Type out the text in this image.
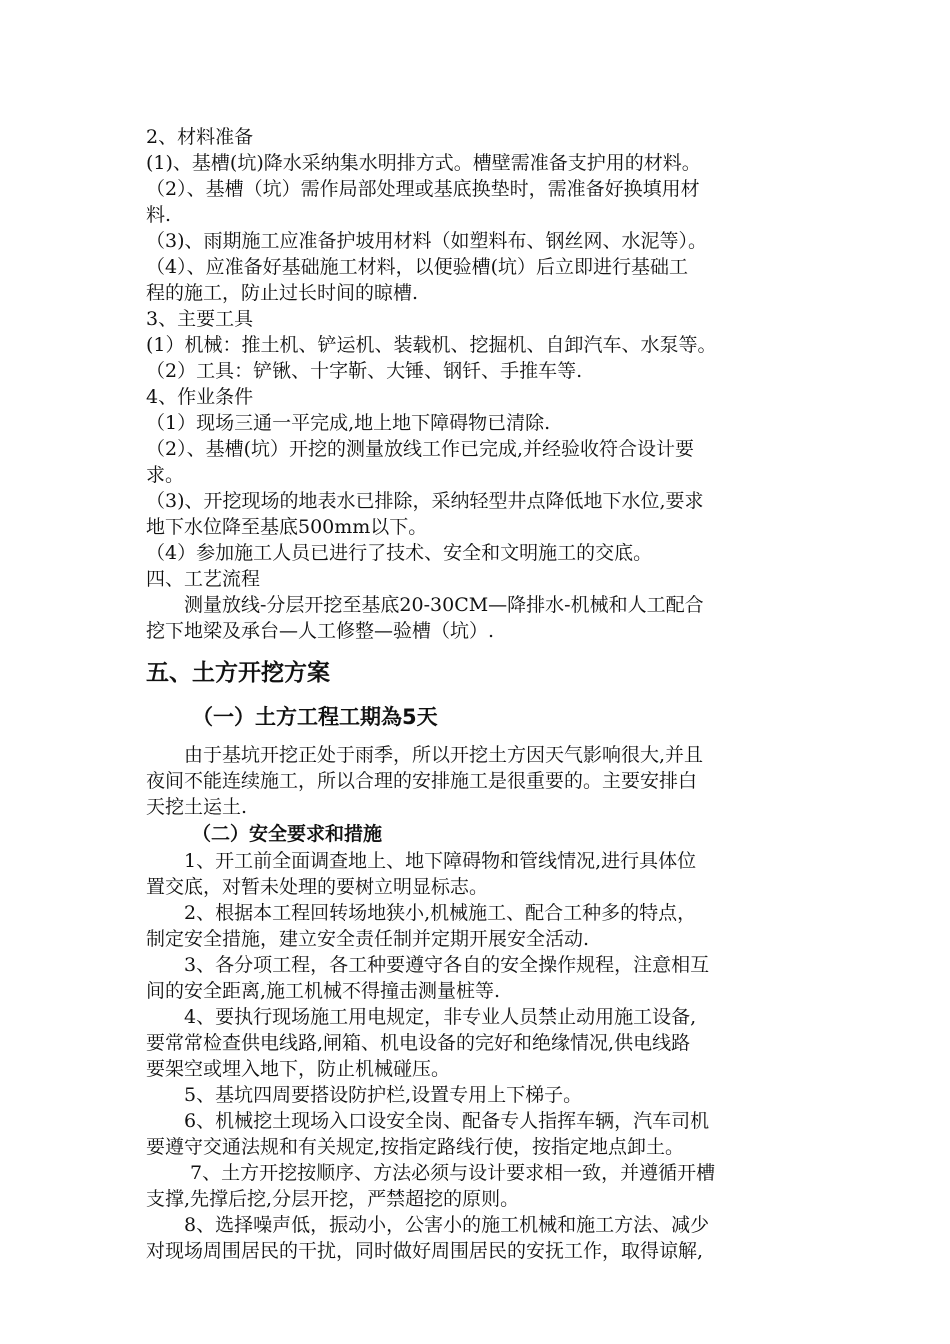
2、材料准备
(1)、基槽(坑)降水采纳集水明排方式。槽壁需准备支护用的材料。
（2）、基槽（坑）需作局部处理或基底换垫时，需准备好换填用材
料.
（3)、雨期施工应准备护坡用材料（如塑料布、钢丝网、水泥等）。
（4）、应准备好基础施工材料，以便验槽(坑）后立即进行基础工
程的施工，防止过长时间的晾槽.
3、主要工具
(1）机械：推土机、铲运机、装载机、挖掘机、自卸汽车、水泵等。
（2）工具：铲锹、十字靳、大锤、钢钎、手推车等.
4、作业条件
（1）现场三通一平完成,地上地下障碍物已清除.
（2）、基槽(坑）开挖的测量放线工作已完成,并经验收符合设计要
求。
（3)、开挖现场的地表水已排除，采纳轻型井点降低地下水位,要求
地下水位降至基底500mm以下。
（4）参加施工人员已进行了技术、安全和文明施工的交底。
四、工艺流程
测量放线-分层开挖至基底20-30CM—降排水-机械和人工配合
挖下地梁及承台—人工修整—验槽（坑）.
五、土方开挖方案
（一）土方工程工期為5天
由于基坑开挖正处于雨季，所以开挖土方因天气影响很大,并且
夜间不能连续施工，所以合理的安排施工是很重要的。主要安排白
天挖土运土.
（二）安全要求和措施
1、开工前全面调查地上、地下障碍物和管线情况,进行具体位
置交底，对暂未处理的要树立明显标志。
2、根据本工程回转场地狭小,机械施工、配合工种多的特点，
制定安全措施，建立安全责任制并定期开展安全活动.
3、各分项工程，各工种要遵守各自的安全操作规程，注意相互
间的安全距离,施工机械不得撞击测量桩等.
4、要执行现场施工用电规定，非专业人员禁止动用施工设备,
要常常检查供电线路,闸箱、机电设备的完好和绝缘情况,供电线路
要架空或埋入地下，防止机械碰压。
5、基坑四周要搭设防护栏,设置专用上下梯子。
6、机械挖土现场入口设安全岗、配备专人指挥车辆，汽车司机
要遵守交通法规和有关规定,按指定路线行使，按指定地点卸土。
7、土方开挖按顺序、方法必须与设计要求相一致，并遵循开槽
支撑,先撑后挖,分层开挖，严禁超挖的原则。
8、选择噪声低，振动小，公害小的施工机械和施工方法、减少
对现场周围居民的干扰，同时做好周围居民的安抚工作，取得谅解,
